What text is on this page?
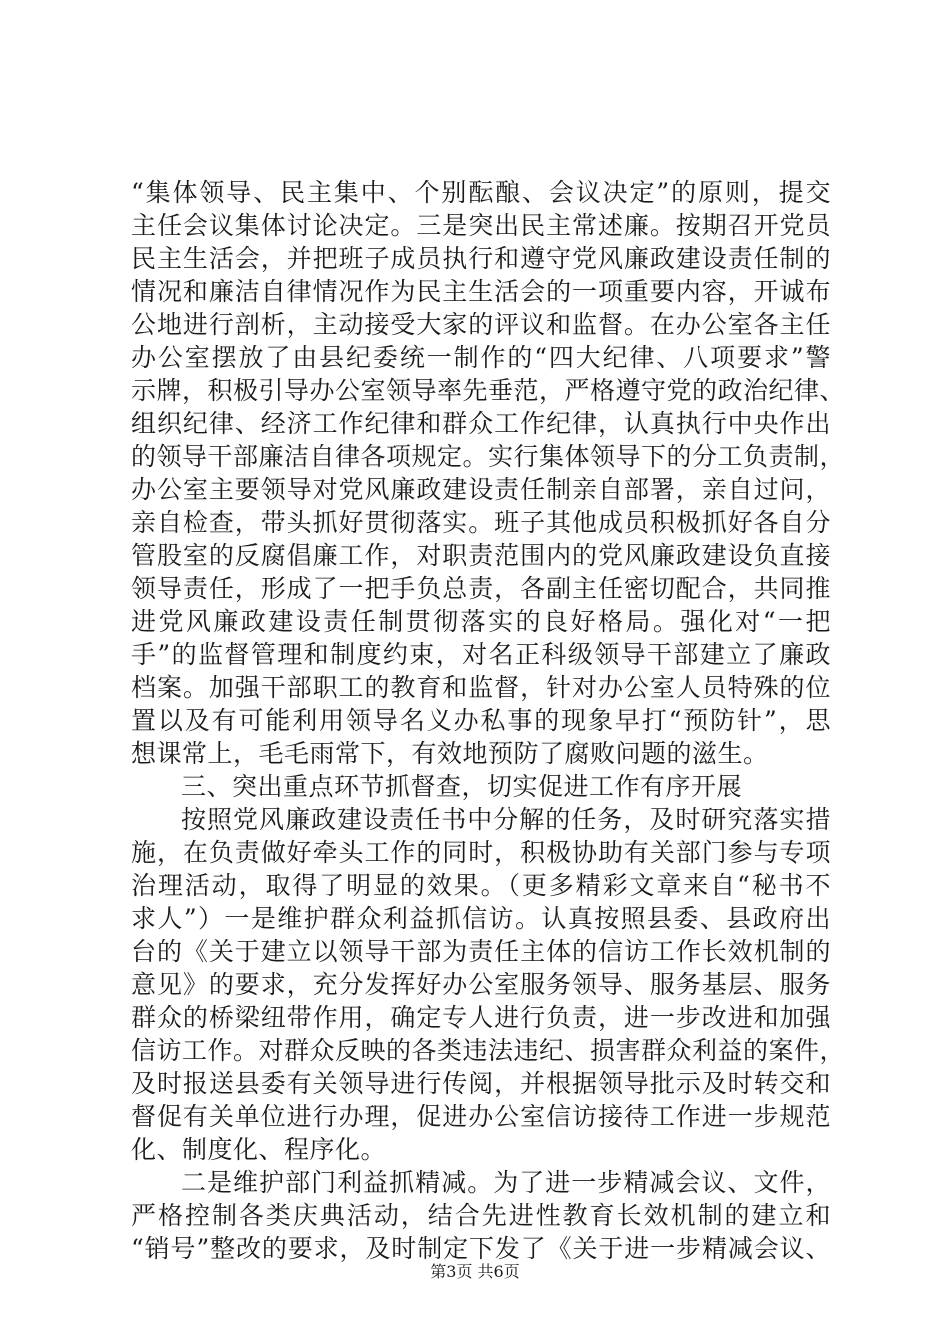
“集体领导、民主集中、个别酝酿、会议决定”的原则，提交
主任会议集体讨论决定。三是突出民主常述廉。按期召开党员
民主生活会，并把班子成员执行和遵守党风廉政建设责任制的
情况和廉洁自律情况作为民主生活会的一项重要内容，开诚布
公地进行剖析，主动接受大家的评议和监督。在办公室各主任
办公室摆放了由县纪委统一制作的“四大纪律、八项要求”警
示牌，积极引导办公室领导率先垂范，严格遵守党的政治纪律、
组织纪律、经济工作纪律和群众工作纪律，认真执行中央作出
的领导干部廉洁自律各项规定。实行集体领导下的分工负责制，
办公室主要领导对党风廉政建设责任制亲自部署，亲自过问，
亲自检查，带头抓好贯彻落实。班子其他成员积极抓好各自分
管股室的反腐倡廉工作，对职责范围内的党风廉政建设负直接
领导责任，形成了一把手负总责，各副主任密切配合，共同推
进党风廉政建设责任制贯彻落实的良好格局。强化对“一把
手”的监督管理和制度约束，对名正科级领导干部建立了廉政
档案。加强干部职工的教育和监督，针对办公室人员特殊的位
置以及有可能利用领导名义办私事的现象早打“预防针”，思
想课常上，毛毛雨常下，有效地预防了腐败问题的滋生。
三、突出重点环节抓督查，切实促进工作有序开展
按照党风廉政建设责任书中分解的任务，及时研究落实措
施，在负责做好牵头工作的同时，积极协助有关部门参与专项
治理活动，取得了明显的效果。（更多精彩文章来自“秘书不
求人”）一是维护群众利益抓信访。认真按照县委、县政府出
台的《关于建立以领导干部为责任主体的信访工作长效机制的
意见》的要求，充分发挥好办公室服务领导、服务基层、服务
群众的桥梁纽带作用，确定专人进行负责，进一步改进和加强
信访工作。对群众反映的各类违法违纪、损害群众利益的案件，
及时报送县委有关领导进行传阅，并根据领导批示及时转交和
督促有关单位进行办理，促进办公室信访接待工作进一步规范
化、制度化、程序化。
二是维护部门利益抓精减。为了进一步精减会议、文件，
严格控制各类庆典活动，结合先进性教育长效机制的建立和
“销号”整改的要求，及时制定下发了《关于进一步精减会议、
第3页 共6页
